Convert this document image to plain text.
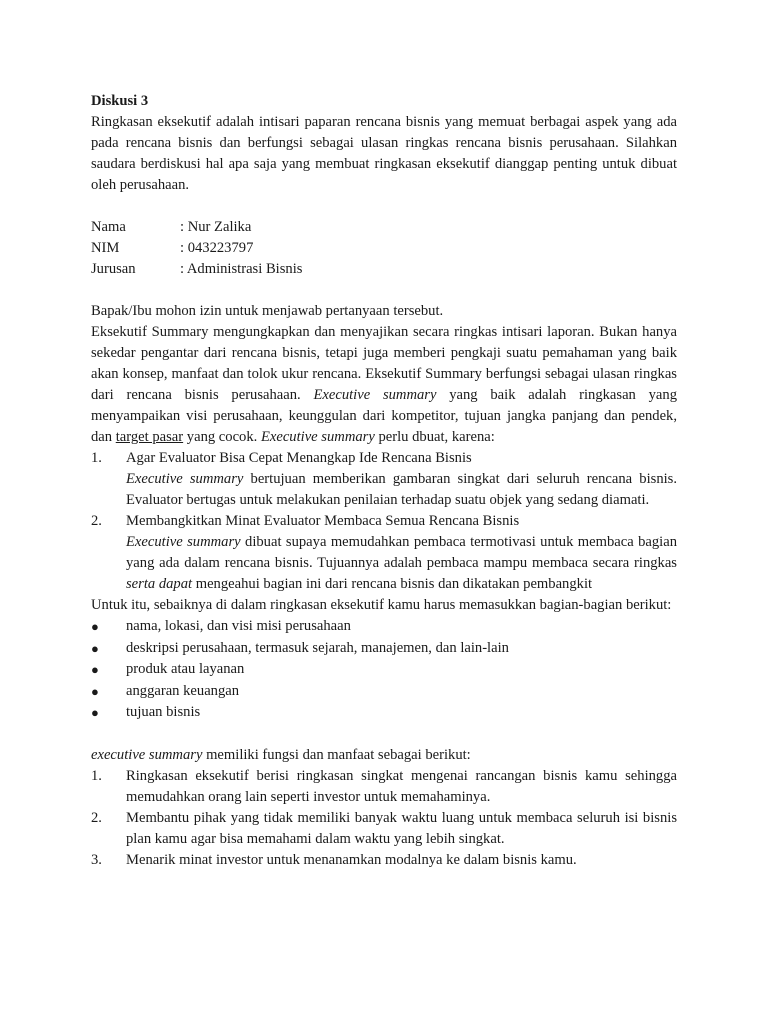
Diskusi 3

Ringkasan eksekutif adalah intisari paparan rencana bisnis yang memuat berbagai aspek yang ada pada rencana bisnis dan berfungsi sebagai ulasan ringkas rencana bisnis perusahaan. Silahkan saudara berdiskusi hal apa saja yang membuat ringkasan eksekutif dianggap penting untuk dibuat oleh perusahaan.

Nama	: Nur Zalika
NIM	: 043223797
Jurusan	: Administrasi Bisnis

Bapak/Ibu mohon izin untuk menjawab pertanyaan tersebut.

Eksekutif Summary mengungkapkan dan menyajikan secara ringkas intisari laporan. Bukan hanya sekedar pengantar dari rencana bisnis, tetapi juga memberi pengkaji suatu pemahaman yang baik akan konsep, manfaat dan tolok ukur rencana. Eksekutif Summary berfungsi sebagai ulasan ringkas dari rencana bisnis perusahaan. Executive summary yang baik adalah ringkasan yang menyampaikan visi perusahaan, keunggulan dari kompetitor, tujuan jangka panjang dan pendek, dan target pasar yang cocok. Executive summary perlu dbuat, karena:

1.	Agar Evaluator Bisa Cepat Menangkap Ide Rencana Bisnis

Executive summary bertujuan memberikan gambaran singkat dari seluruh rencana bisnis. Evaluator bertugas untuk melakukan penilaian terhadap suatu objek yang sedang diamati.

2.	Membangkitkan Minat Evaluator Membaca Semua Rencana Bisnis

Executive summary dibuat supaya memudahkan pembaca termotivasi untuk membaca bagian yang ada dalam rencana bisnis. Tujuannya adalah pembaca mampu membaca secara ringkas serta dapat mengeahui bagian ini dari rencana bisnis dan dikatakan pembangkit

Untuk itu, sebaiknya di dalam ringkasan eksekutif kamu harus memasukkan bagian-bagian berikut:

●	nama, lokasi, dan visi misi perusahaan
●	deskripsi perusahaan, termasuk sejarah, manajemen, dan lain-lain
●	produk atau layanan
●	anggaran keuangan
●	tujuan bisnis

executive summary memiliki fungsi dan manfaat sebagai berikut:

1.	Ringkasan eksekutif berisi ringkasan singkat mengenai rancangan bisnis kamu sehingga memudahkan orang lain seperti investor untuk memahaminya.

2.	Membantu pihak yang tidak memiliki banyak waktu luang untuk membaca seluruh isi bisnis plan kamu agar bisa memahami dalam waktu yang lebih singkat.

3.	Menarik minat investor untuk menanamkan modalnya ke dalam bisnis kamu.
